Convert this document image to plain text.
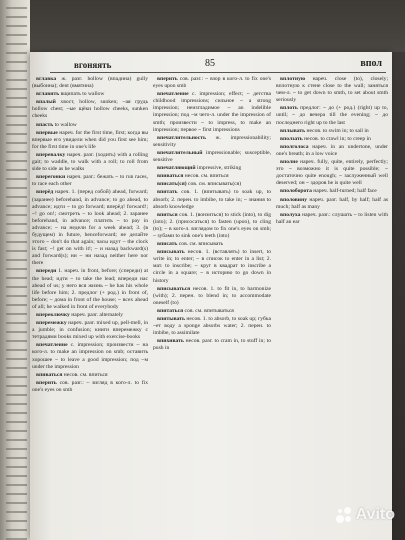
вгоняять	85	впол

вглавка ж. разг. hollow (впадина) gully (выбоина); dent (вмятина)

вглавить вщипать to wallow

впалый хвост, hollow, sunken; ~ая грудь hollow chest; ~ые щёки hollow cheeks, sunken cheeks

впасть to wallow

впервые нареч. for the first time, first; когда вы впервые его увидели when did you first see him; for the first time in one's life

вперевалку нареч. разг. (ходить) with a rolling gait; to waddle, to walk with a roll; to roll from side to side as he walks

вперегонки нареч. разг.: бежать ~ to run races, to race each other

вперёд нареч. 1. (перед собой) ahead, forward; (заранее) beforehand, in advance; to go ahead, to advance; идти ~ to go forward; вперёд! forward!; ~! go on!; смотреть ~ to look ahead; 2. заранее beforehand, in advance; платить ~ to pay in advance; ~ на недели for a week ahead; 3. (в будущем) in future, henceforward; не делайте этого ~ don't do that again; часы идут ~ the clock is fast; ~! get on with it!; ~ и назад backward(s) and forward(s); ни ~ ни назад neither here nor there

впереди 1. нареч. in front, before; (спереди) at the head; идти ~ to take the lead; впереди нас ahead of us; у него вся жизнь ~ he has his whole life before him; 2. предлог (+ род.) in front of, before; ~ дома in front of the house; ~ всех ahead of all; he walked in front of everybody

впереключку нареч. разг. alternately

вперемежку нареч. разг. mixed up, pell-mell, in a jumble; in confusion; книги вперемежку с тетрадями books mixed up with exercise-books

впечатление с. impression; произвести ~ на кого-л. to make an impression on smb; оставить хорошее ~ to leave a good impression; под ~м under the impression

впиваться несов. см. впиться

вперить сов. разг.: ~ взгляд в кого-л. to fix one's eyes on smb

вперить сов. разг.: ~ взор в кого-л. to fix one's eyes upon smb

впечатление с. impression; effect; ~ детства childhood impressions; сильное ~ a strong impression; неизгладимое ~ an indelible impression; под ~м чего-л. under the impression of smth; произвести ~ to impress, to make an impression; первое ~ first impressions

впечатлительность ж. impressionability; sensitivity

впечатлительный impressionable; susceptible, sensitive

впечатляющий impressive, striking

впиваться несов. см. впиться

вписать(ся) сов. см. вписывать(ся)

впитать сов. 1. (впитывать) to soak up, to absorb; 2. перен. to imbibe, to take in; ~ знания to absorb knowledge

впиться сов. 1. (вонзиться) to stick (into), to dig (into); 2. (присосаться) to fasten (upon), to cling (to); ~ в кого-л. взглядом to fix one's eyes on smb; ~ зубами to sink one's teeth (into)

вписать сов. см. вписывать

вписывать несов. 1. (вставлять) to insert, to write in; to enter; ~ в список to enter in a list; 2. мат. to inscribe; ~ круг в квадрат to inscribe a circle in a square; ~ в историю to go down in history

вписываться несов. 1. to fit in, to harmonize (with); 2. перен. to blend in; to accommodate oneself (to)

впитаться сов. см. впитываться

впитывать несов. 1. to absorb, to soak up; губка ~ет воду a sponge absorbs water; 2. перен. to imbibe, to assimilate

впихивать несов. разг. to cram in, to stuff in; to push in

вплотную нареч. close (to), closely; вплотную к стене close to the wall; заняться чем-л. ~ to get down to smth, to set about smth seriously

вплоть предлог: ~ до (+ род.) (right) up to, until; ~ до вечера till the evening; ~ до последнего right up to the last

вплывать несов. to swim in; to sail in

вползать несов. to crawl in; to creep in

вполголоса нареч. in an undertone, under one's breath; in a low voice

вполне нареч. fully, quite, entirely, perfectly; это ~ возможно it is quite possible; ~ достаточно quite enough; ~ заслуженный well deserved; он ~ здоров he is quite well

вполоборота нареч. half-turned; half face

вполовину нареч. разг. half, by half; half as much; half as many

вполуха нареч. разг.: слушать ~ to listen with half an ear

Avito
